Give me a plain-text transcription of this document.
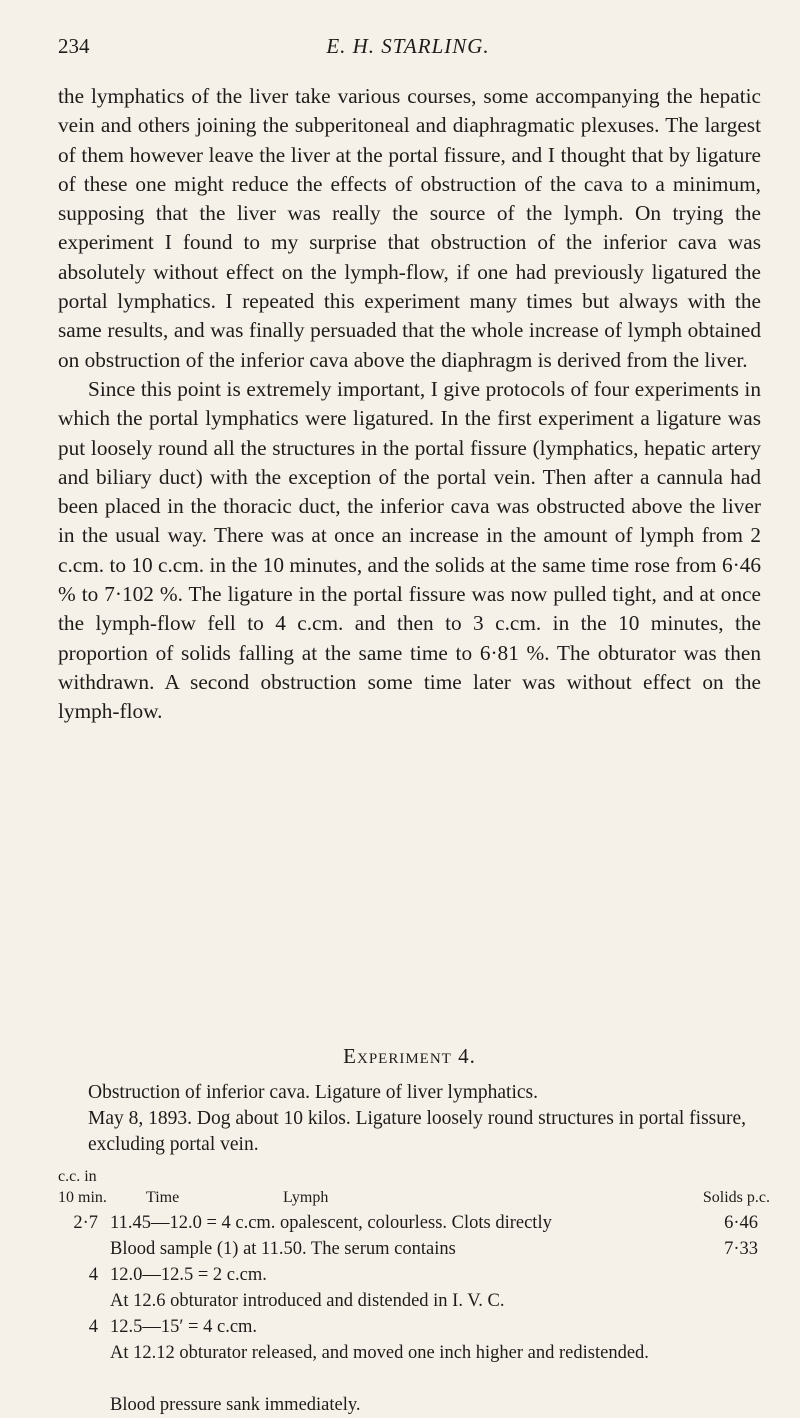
234	E. H. STARLING.

the lymphatics of the liver take various courses, some accompanying the hepatic vein and others joining the subperitoneal and diaphragmatic plexuses. The largest of them however leave the liver at the portal fissure, and I thought that by ligature of these one might reduce the effects of obstruction of the cava to a minimum, supposing that the liver was really the source of the lymph. On trying the experiment I found to my surprise that obstruction of the inferior cava was absolutely without effect on the lymph-flow, if one had previously ligatured the portal lymphatics. I repeated this experiment many times but always with the same results, and was finally persuaded that the whole increase of lymph obtained on obstruction of the inferior cava above the diaphragm is derived from the liver.

Since this point is extremely important, I give protocols of four experiments in which the portal lymphatics were ligatured. In the first experiment a ligature was put loosely round all the structures in the portal fissure (lymphatics, hepatic artery and biliary duct) with the exception of the portal vein. Then after a cannula had been placed in the thoracic duct, the inferior cava was obstructed above the liver in the usual way. There was at once an increase in the amount of lymph from 2 c.cm. to 10 c.cm. in the 10 minutes, and the solids at the same time rose from 6·46 % to 7·102 %. The ligature in the portal fissure was now pulled tight, and at once the lymph-flow fell to 4 c.cm. and then to 3 c.cm. in the 10 minutes, the proportion of solids falling at the same time to 6·81 %. The obturator was then withdrawn. A second obstruction some time later was without effect on the lymph-flow.

Experiment 4.

Obstruction of inferior cava. Ligature of liver lymphatics.

May 8, 1893. Dog about 10 kilos. Ligature loosely round structures in portal fissure, excluding portal vein.

c.c. in
10 min. Time	Lymph	Solids p.c.
2·7 11.45—12.0 = 4 c.cm. opalescent, colourless. Clots directly	6·46
Blood sample (1) at 11.50. The serum contains	7·33
4 12.0—12.5 = 2 c.cm.
At 12.6 obturator introduced and distended in I. V. C.
4 12.5—15′ = 4 c.cm.
At 12.12 obturator released, and moved one inch higher and redistended.
Blood pressure sank immediately.
